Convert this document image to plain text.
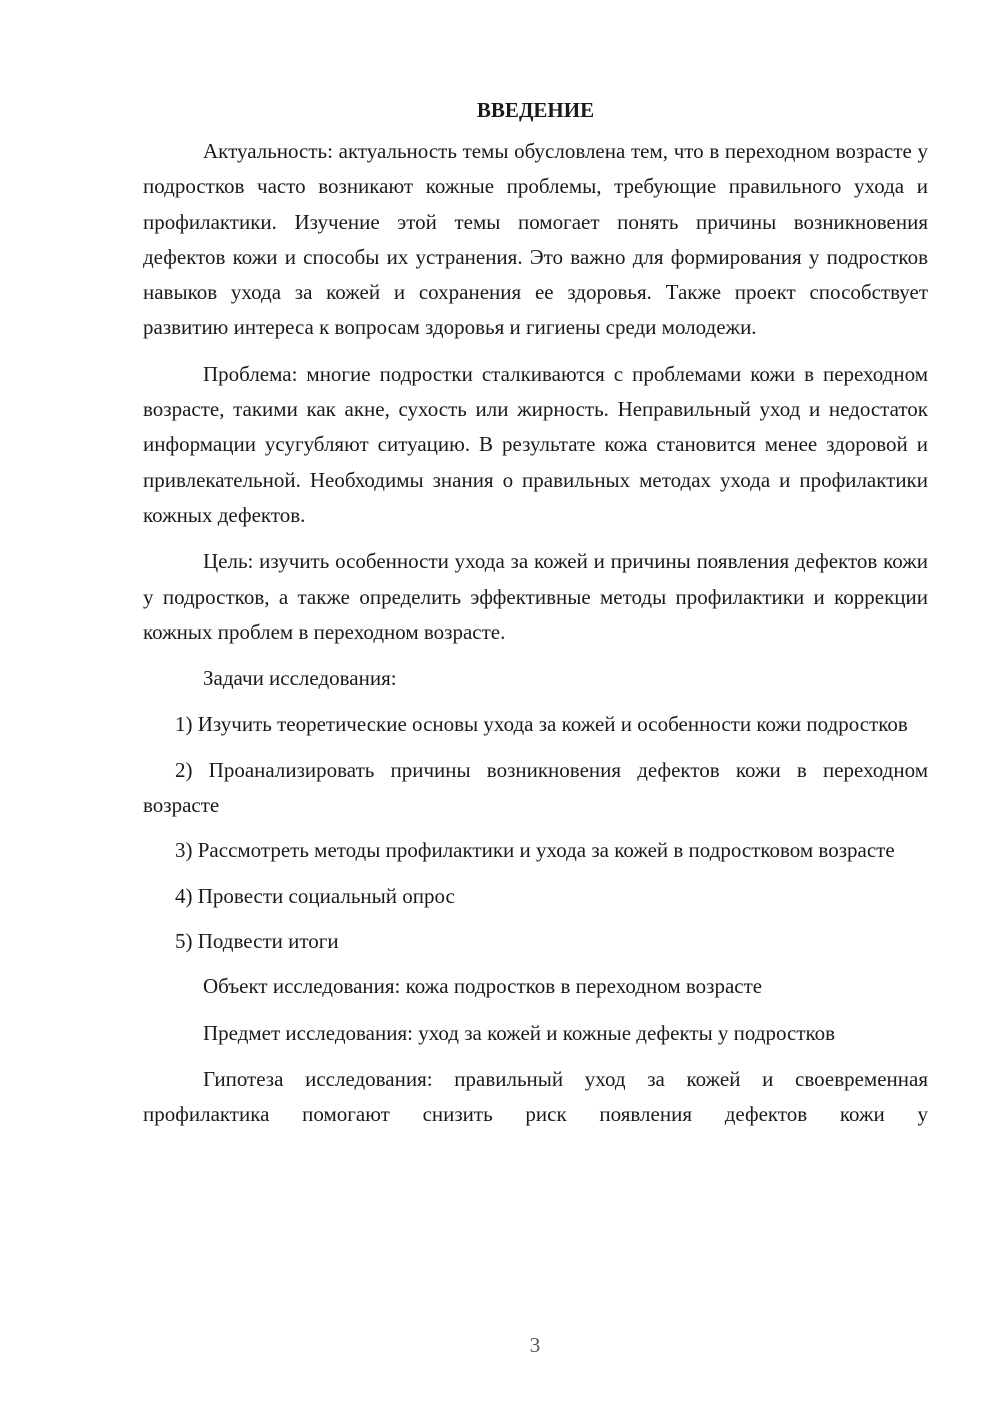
ВВЕДЕНИЕ

Актуальность: актуальность темы обусловлена тем, что в переходном возрасте у подростков часто возникают кожные проблемы, требующие правильного ухода и профилактики. Изучение этой темы помогает понять причины возникновения дефектов кожи и способы их устранения. Это важно для формирования у подростков навыков ухода за кожей и сохранения ее здоровья. Также проект способствует развитию интереса к вопросам здоровья и гигиены среди молодежи.

Проблема: многие подростки сталкиваются с проблемами кожи в переходном возрасте, такими как акне, сухость или жирность. Неправильный уход и недостаток информации усугубляют ситуацию. В результате кожа становится менее здоровой и привлекательной. Необходимы знания о правильных методах ухода и профилактики кожных дефектов.

Цель: изучить особенности ухода за кожей и причины появления дефектов кожи у подростков, а также определить эффективные методы профилактики и коррекции кожных проблем в переходном возрасте.

Задачи исследования:

1) Изучить теоретические основы ухода за кожей и особенности кожи подростков

2) Проанализировать причины возникновения дефектов кожи в переходном возрасте

3) Рассмотреть методы профилактики и ухода за кожей в подростковом возрасте

4) Провести социальный опрос

5) Подвести итоги

Объект исследования: кожа подростков в переходном возрасте

Предмет исследования: уход за кожей и кожные дефекты у подростков

Гипотеза исследования: правильный уход за кожей и своевременная профилактика помогают снизить риск появления дефектов кожи у

3
